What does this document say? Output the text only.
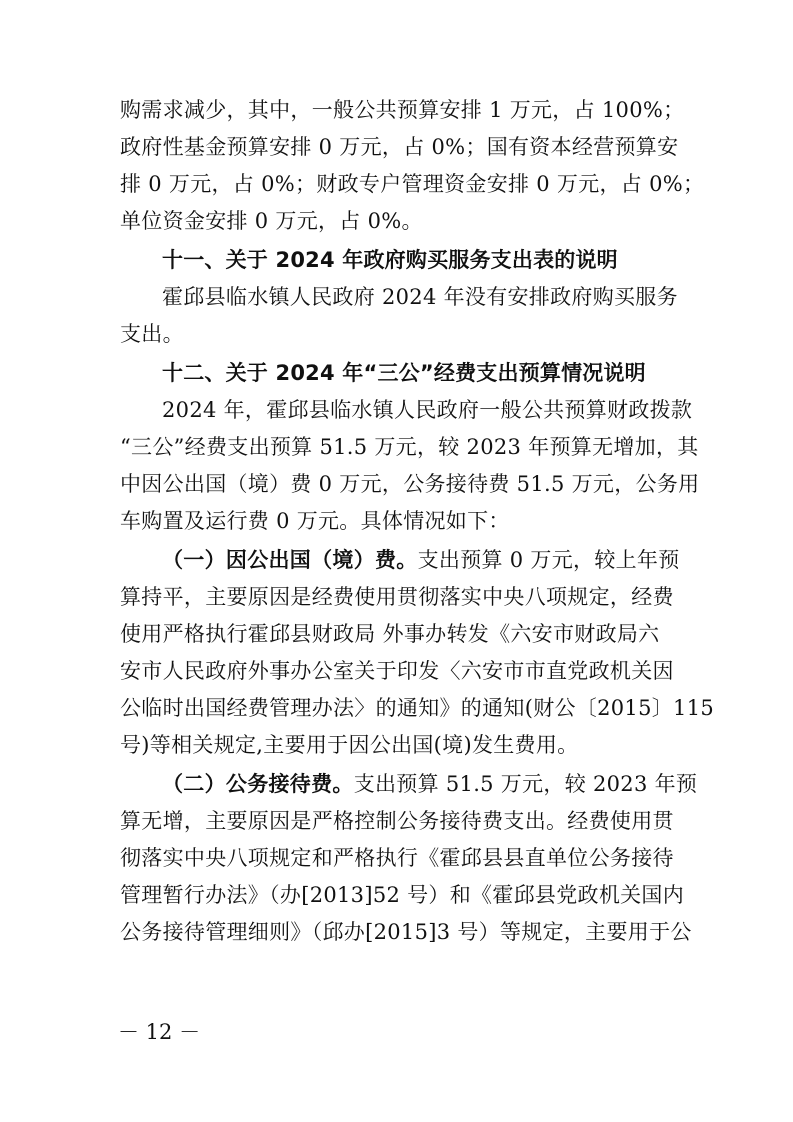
购需求减少，其中，一般公共预算安排 1 万元，占 100%；
政府性基金预算安排 0 万元，占 0%；国有资本经营预算安
排 0 万元，占 0%；财政专户管理资金安排 0 万元，占 0%；
单位资金安排 0 万元，占 0%。
十一、关于 2024 年政府购买服务支出表的说明
霍邱县临水镇人民政府 2024 年没有安排政府购买服务
支出。
十二、关于 2024 年“三公”经费支出预算情况说明
2024 年，霍邱县临水镇人民政府一般公共预算财政拨款
“三公”经费支出预算 51.5 万元，较 2023 年预算无增加，其
中因公出国（境）费 0 万元，公务接待费 51.5 万元，公务用
车购置及运行费 0 万元。具体情况如下：
（一）因公出国（境）费。支出预算 0 万元，较上年预
算持平，主要原因是经费使用贯彻落实中央八项规定，经费
使用严格执行霍邱县财政局 外事办转发《六安市财政局六
安市人民政府外事办公室关于印发〈六安市市直党政机关因
公临时出国经费管理办法〉的通知》的通知(财公〔2015〕115
号)等相关规定,主要用于因公出国(境)发生费用。
（二）公务接待费。支出预算 51.5 万元，较 2023 年预
算无增，主要原因是严格控制公务接待费支出。经费使用贯
彻落实中央八项规定和严格执行《霍邱县县直单位公务接待
管理暂行办法》（办[2013]52 号）和《霍邱县党政机关国内
公务接待管理细则》（邱办[2015]3 号）等规定，主要用于公
－ 12 －
